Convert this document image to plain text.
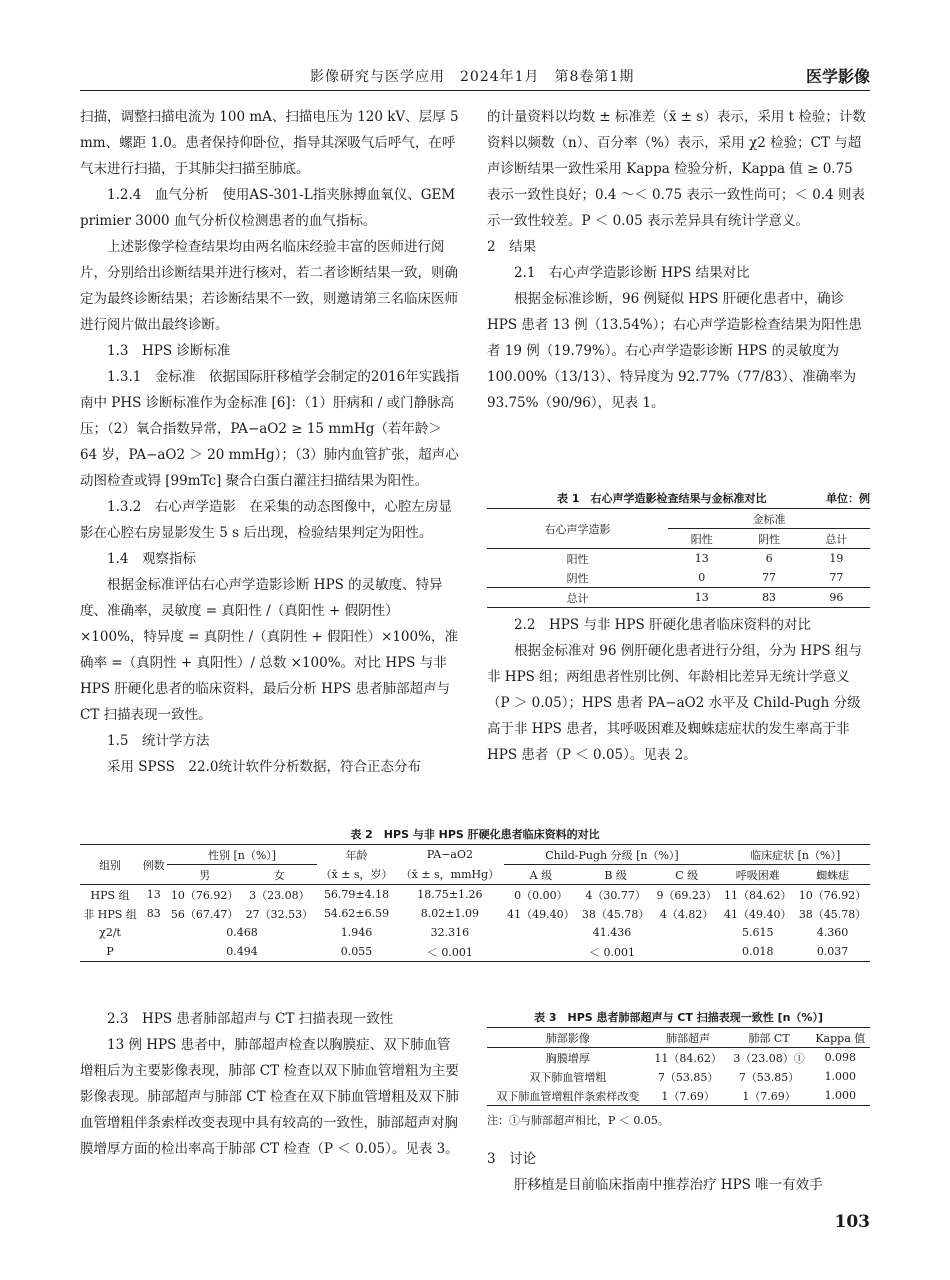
影像研究与医学应用　2024年1月　第8卷第1期	医学影像

扫描，调整扫描电流为 100 mA、扫描电压为 120 kV、层厚 5 mm、螺距 1.0。患者保持仰卧位，指导其深吸气后呼气，在呼气末进行扫描，于其肺尖扫描至肺底。

1.2.4　血气分析　使用AS-301-L指夹脉搏血氧仪、GEM primier 3000 血气分析仪检测患者的血气指标。

上述影像学检查结果均由两名临床经验丰富的医师进行阅片，分别给出诊断结果并进行核对，若二者诊断结果一致，则确定为最终诊断结果；若诊断结果不一致，则邀请第三名临床医师进行阅片做出最终诊断。

1.3　HPS 诊断标准

1.3.1　金标准　依据国际肝移植学会制定的2016年实践指南中 PHS 诊断标准作为金标准 [6]：（1）肝病和 / 或门静脉高压；（2）氧合指数异常，PA−aO2 ≥ 15 mmHg（若年龄＞ 64 岁，PA−aO2 ＞ 20 mmHg）；（3）肺内血管扩张，超声心动图检查或锝 [99mTc] 聚合白蛋白灌注扫描结果为阳性。

1.3.2　右心声学造影　在采集的动态图像中，心腔左房显影在心腔右房显影发生 5 s 后出现，检验结果判定为阳性。

1.4　观察指标

根据金标准评估右心声学造影诊断 HPS 的灵敏度、特异度、准确率，灵敏度 = 真阳性 /（真阳性 + 假阴性）×100%，特异度 = 真阴性 /（真阴性 + 假阳性）×100%，准确率 =（真阴性 + 真阳性）/ 总数 ×100%。对比 HPS 与非 HPS 肝硬化患者的临床资料，最后分析 HPS 患者肺部超声与 CT 扫描表现一致性。

1.5　统计学方法

采用 SPSS　22.0统计软件分析数据，符合正态分布

的计量资料以均数 ± 标准差（x̄ ± s）表示，采用 t 检验；计数资料以频数（n）、百分率（%）表示，采用 χ2 检验；CT 与超声诊断结果一致性采用 Kappa 检验分析，Kappa 值 ≥ 0.75 表示一致性良好；0.4 ～＜ 0.75 表示一致性尚可；＜ 0.4 则表示一致性较差。P ＜ 0.05 表示差异具有统计学意义。

2　结果

2.1　右心声学造影诊断 HPS 结果对比

根据金标准诊断，96 例疑似 HPS 肝硬化患者中，确诊 HPS 患者 13 例（13.54%）；右心声学造影检查结果为阳性患者 19 例（19.79%）。右心声学造影诊断 HPS 的灵敏度为 100.00%（13/13）、特异度为 92.77%（77/83）、准确率为 93.75%（90/96），见表 1。

表 1　右心声学造影检查结果与金标准对比	单位：例
右心声学造影	金标准		
	阳性	阴性	总计
阳性	13	6	19
阴性	0	77	77
总计	13	83	96

2.2　HPS 与非 HPS 肝硬化患者临床资料的对比

根据金标准对 96 例肝硬化患者进行分组，分为 HPS 组与非 HPS 组；两组患者性别比例、年龄相比差异无统计学意义（P ＞ 0.05）；HPS 患者 PA−aO2 水平及 Child-Pugh 分级高于非 HPS 患者，其呼吸困难及蜘蛛痣症状的发生率高于非 HPS 患者（P ＜ 0.05）。见表 2。

表 2　HPS 与非 HPS 肝硬化患者临床资料的对比
组别	例数	性别 [n（%）]		年龄	PA−aO2	Child-Pugh 分级 [n（%）]			临床症状 [n（%）]	
		男	女	（x̄ ± s，岁）	（x̄ ± s，mmHg）	A 级	B 级	C 级	呼吸困难	蜘蛛痣
HPS 组	13	10（76.92）	3（23.08）	56.79±4.18	18.75±1.26	0（0.00）	4（30.77）	9（69.23）	11（84.62）	10（76.92）
非 HPS 组	83	56（67.47）	27（32.53）	54.62±6.59	8.02±1.09	41（49.40）	38（45.78）	4（4.82）	41（49.40）	38（45.78）
χ2/t		0.468		1.946	32.316	41.436			5.615	4.360
P		0.494		0.055	＜ 0.001	＜ 0.001			0.018	0.037

2.3　HPS 患者肺部超声与 CT 扫描表现一致性

13 例 HPS 患者中，肺部超声检查以胸膜症、双下肺血管增粗后为主要影像表现，肺部 CT 检查以双下肺血管增粗为主要影像表现。肺部超声与肺部 CT 检查在双下肺血管增粗及双下肺血管增粗伴条索样改变表现中具有较高的一致性，肺部超声对胸膜增厚方面的检出率高于肺部 CT 检查（P ＜ 0.05）。见表 3。

表 3　HPS 患者肺部超声与 CT 扫描表现一致性 [n（%）]
肺部影像	肺部超声	肺部 CT	Kappa 值
胸膜增厚	11（84.62）	3（23.08）①	0.098
双下肺血管增粗	7（53.85）	7（53.85）	1.000
双下肺血管增粗伴条索样改变	1（7.69）	1（7.69）	1.000
注：①与肺部超声相比，P ＜ 0.05。

3　讨论

肝移植是目前临床指南中推荐治疗 HPS 唯一有效手

103
